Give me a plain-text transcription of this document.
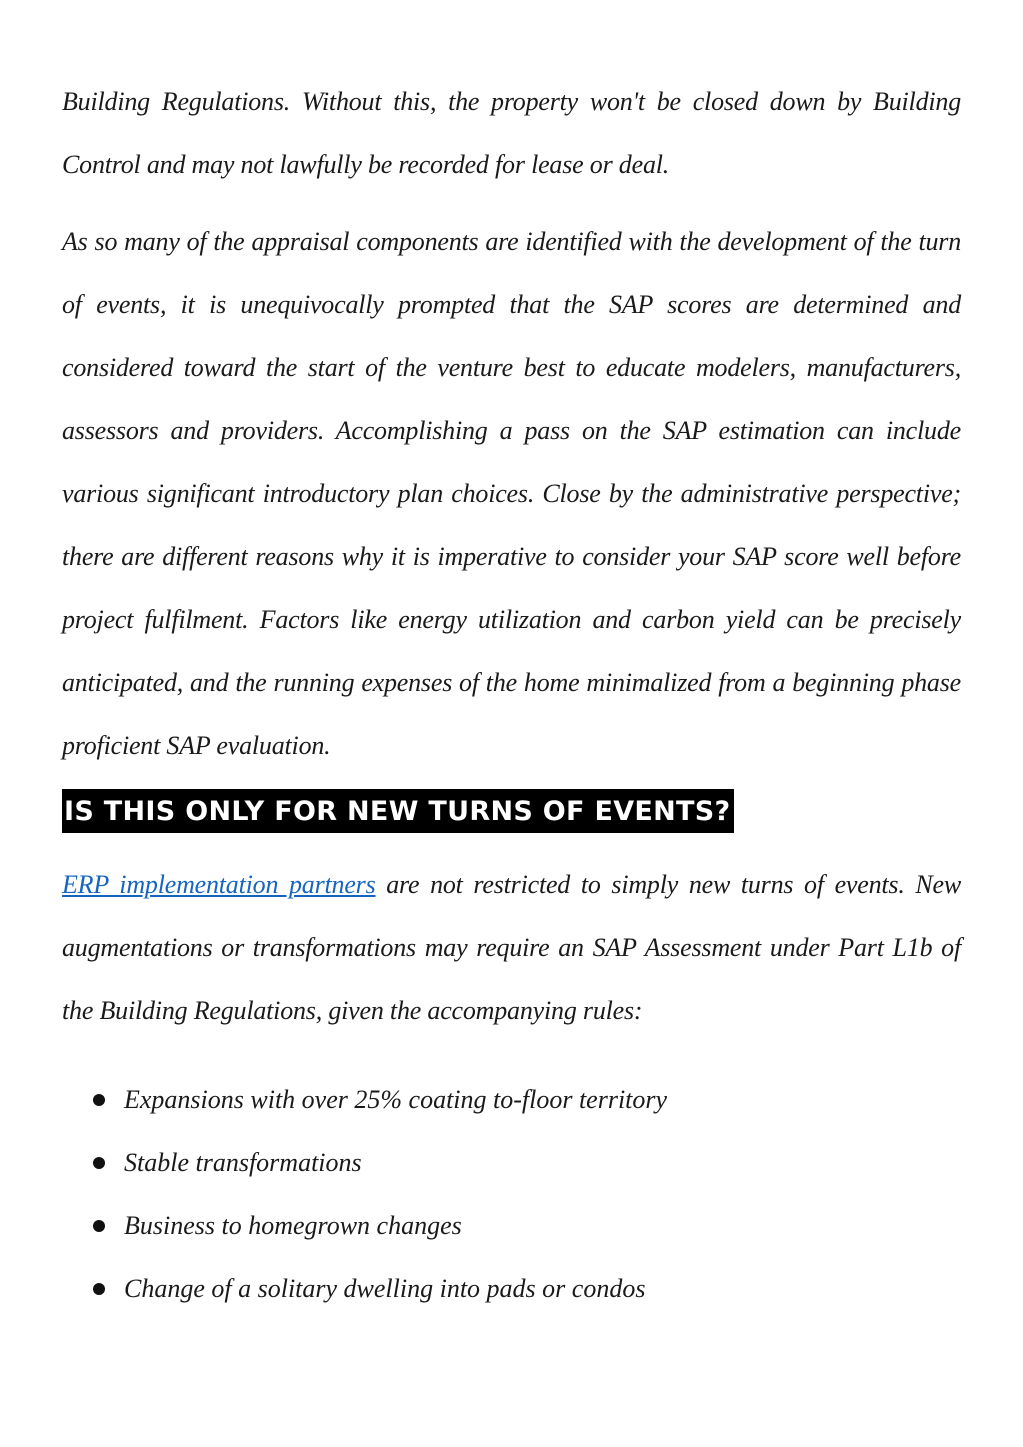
Building Regulations. Without this, the property won't be closed down by Building Control and may not lawfully be recorded for lease or deal.

As so many of the appraisal components are identified with the development of the turn of events, it is unequivocally prompted that the SAP scores are determined and considered toward the start of the venture best to educate modelers, manufacturers, assessors and providers. Accomplishing a pass on the SAP estimation can include various significant introductory plan choices. Close by the administrative perspective; there are different reasons why it is imperative to consider your SAP score well before project fulfilment. Factors like energy utilization and carbon yield can be precisely anticipated, and the running expenses of the home minimalized from a beginning phase proficient SAP evaluation.

IS THIS ONLY FOR NEW TURNS OF EVENTS?

ERP implementation partners are not restricted to simply new turns of events. New augmentations or transformations may require an SAP Assessment under Part L1b of the Building Regulations, given the accompanying rules:

Expansions with over 25% coating to-floor territory
Stable transformations
Business to homegrown changes
Change of a solitary dwelling into pads or condos
